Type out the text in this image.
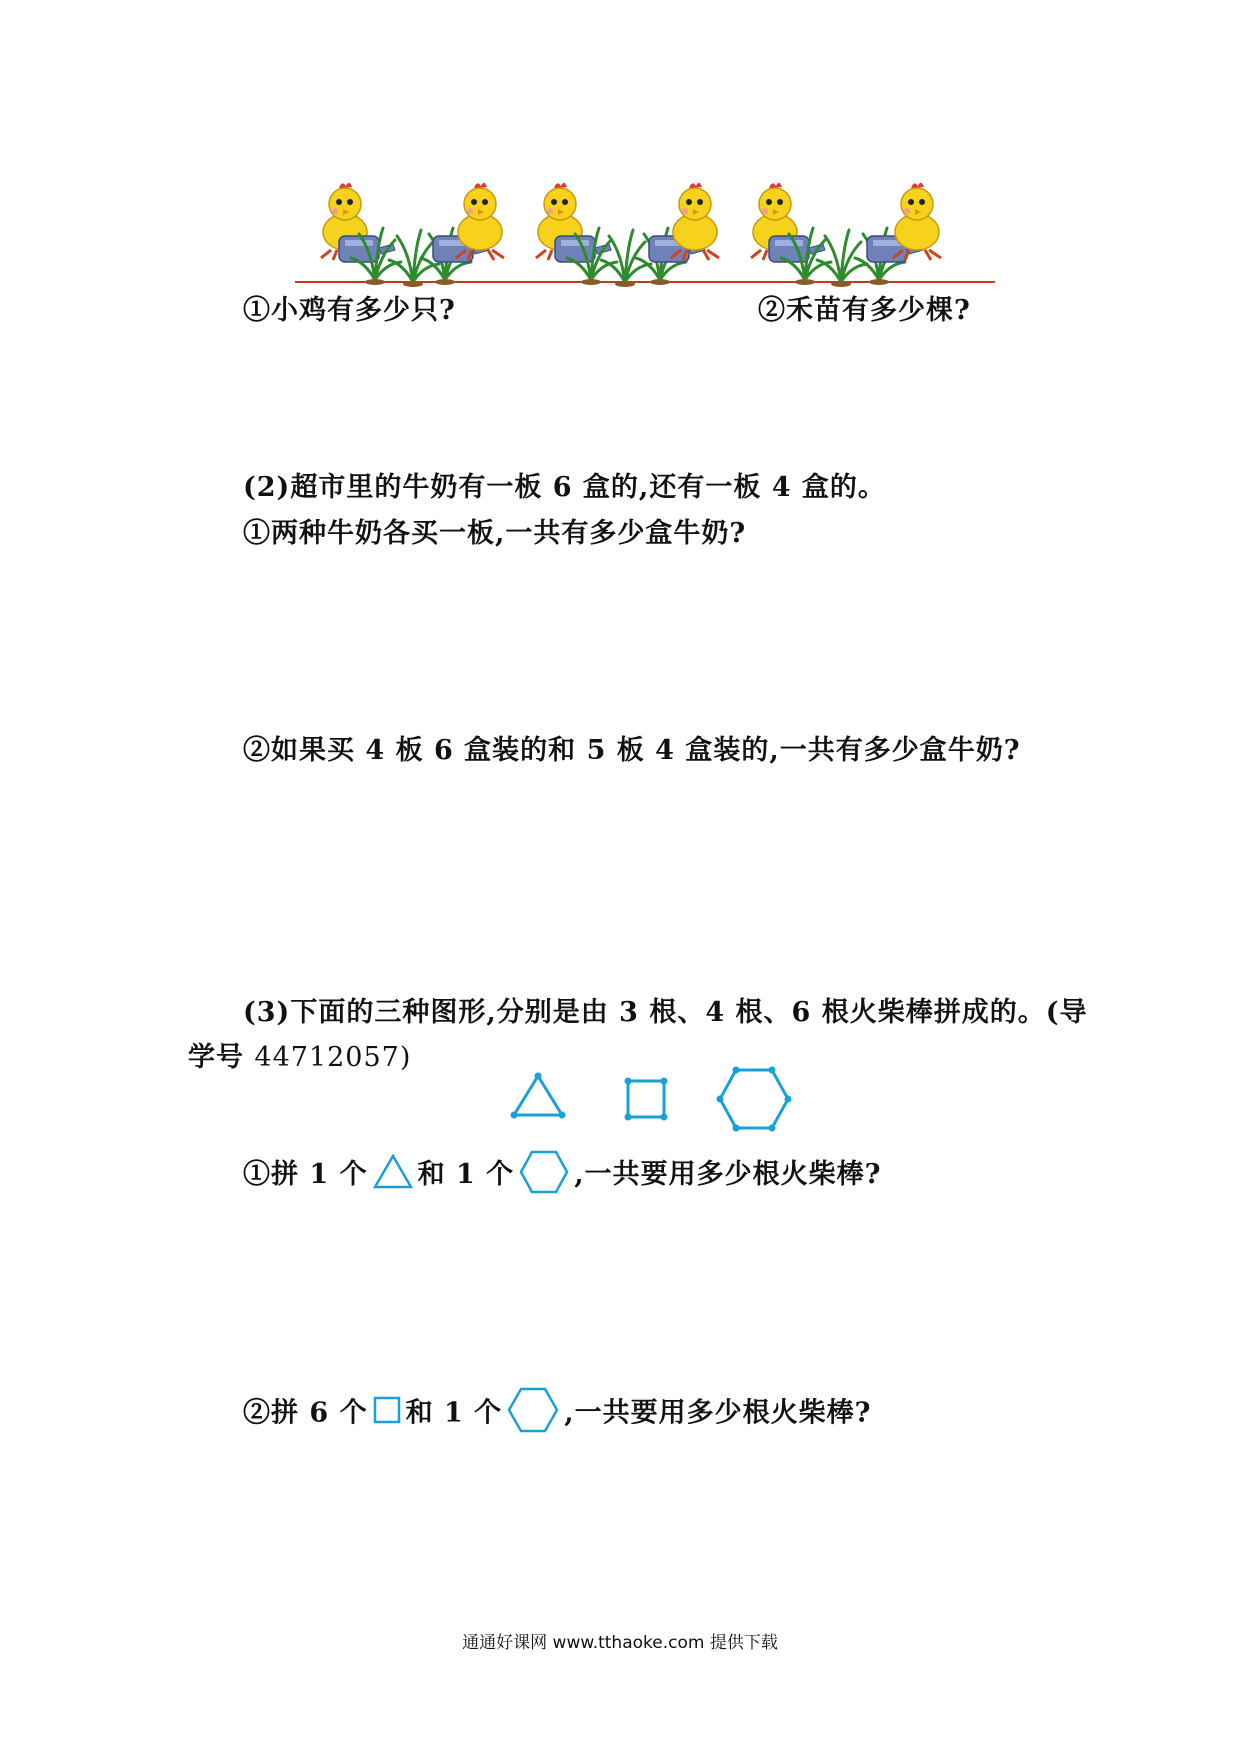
①小鸡有多少只?	②禾苗有多少棵?
(2)超市里的牛奶有一板 6 盒的,还有一板 4 盒的。
①两种牛奶各买一板,一共有多少盒牛奶?
②如果买 4 板 6 盒装的和 5 板 4 盒装的,一共有多少盒牛奶?
(3)下面的三种图形,分别是由 3 根、4 根、6 根火柴棒拼成的。(导
学号 44712057)
①拼 1 个 和 1 个 ,一共要用多少根火柴棒?
②拼 6 个 和 1 个 ,一共要用多少根火柴棒?
通通好课网 www.tthaoke.com 提供下载
